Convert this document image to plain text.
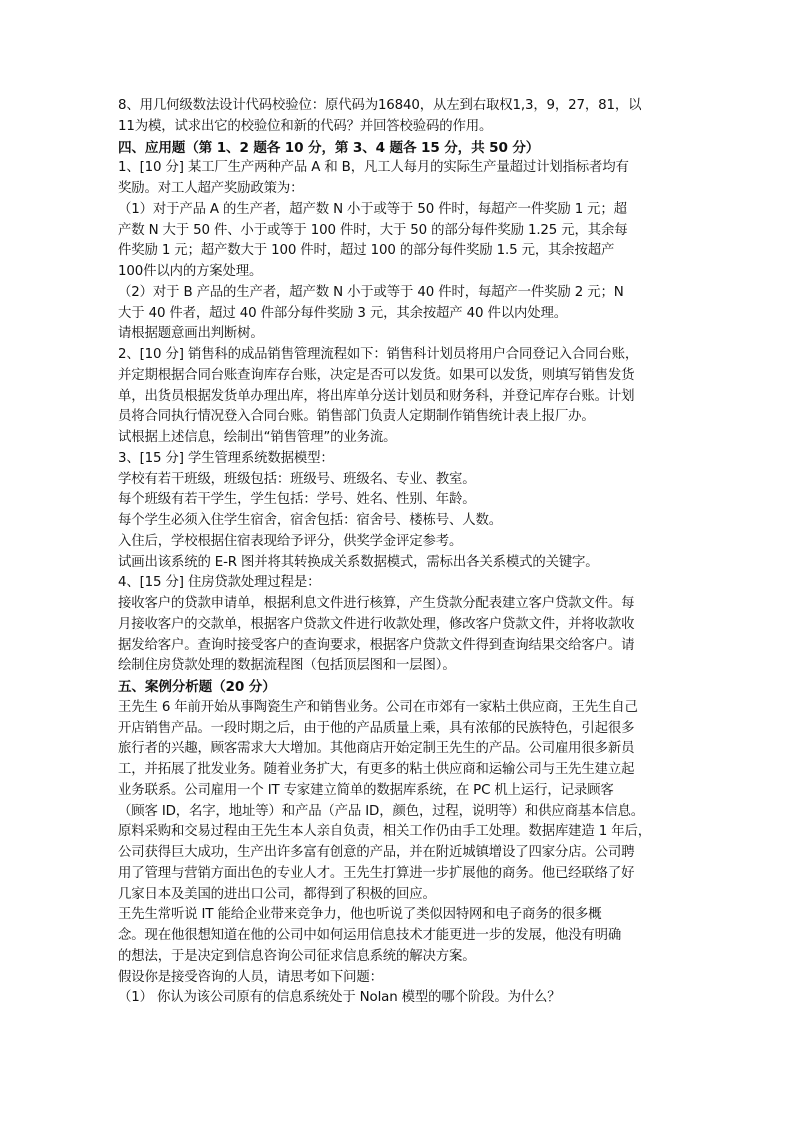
8、用几何级数法设计代码校验位：原代码为16840，从左到右取权1,3，9，27，81，以
11为模，试求出它的校验位和新的代码？并回答校验码的作用。
四、应用题（第 1、2 题各 10 分，第 3、4 题各 15 分，共 50 分）
1、[10 分] 某工厂生产两种产品 A 和 B，凡工人每月的实际生产量超过计划指标者均有
奖励。对工人超产奖励政策为：
（1）对于产品 A 的生产者，超产数 N 小于或等于 50 件时，每超产一件奖励 1 元；超
产数 N 大于 50 件、小于或等于 100 件时，大于 50 的部分每件奖励 1.25 元，其余每
件奖励 1 元；超产数大于 100 件时，超过 100 的部分每件奖励 1.5 元，其余按超产
100件以内的方案处理。
（2）对于 B 产品的生产者，超产数 N 小于或等于 40 件时，每超产一件奖励 2 元；N
大于 40 件者，超过 40 件部分每件奖励 3 元，其余按超产 40 件以内处理。
请根据题意画出判断树。
2、[10 分] 销售科的成品销售管理流程如下：销售科计划员将用户合同登记入合同台账，
并定期根据合同台账查询库存台账，决定是否可以发货。如果可以发货，则填写销售发货
单，出货员根据发货单办理出库，将出库单分送计划员和财务科，并登记库存台账。计划
员将合同执行情况登入合同台账。销售部门负责人定期制作销售统计表上报厂办。
试根据上述信息，绘制出“销售管理”的业务流。
3、[15 分] 学生管理系统数据模型：
学校有若干班级，班级包括：班级号、班级名、专业、教室。
每个班级有若干学生，学生包括：学号、姓名、性别、年龄。
每个学生必须入住学生宿舍，宿舍包括：宿舍号、楼栋号、人数。
入住后，学校根据住宿表现给予评分，供奖学金评定参考。
试画出该系统的 E-R 图并将其转换成关系数据模式，需标出各关系模式的关键字。
4、[15 分] 住房贷款处理过程是：
接收客户的贷款申请单，根据利息文件进行核算，产生贷款分配表建立客户贷款文件。每
月接收客户的交款单，根据客户贷款文件进行收款处理，修改客户贷款文件，并将收款收
据发给客户。查询时接受客户的查询要求，根据客户贷款文件得到查询结果交给客户。请
绘制住房贷款处理的数据流程图（包括顶层图和一层图）。
五、案例分析题（20 分）
王先生 6 年前开始从事陶瓷生产和销售业务。公司在市郊有一家粘土供应商，王先生自己
开店销售产品。一段时期之后，由于他的产品质量上乘，具有浓郁的民族特色，引起很多
旅行者的兴趣，顾客需求大大增加。其他商店开始定制王先生的产品。公司雇用很多新员
工，并拓展了批发业务。随着业务扩大，有更多的粘土供应商和运输公司与王先生建立起
业务联系。公司雇用一个 IT 专家建立简单的数据库系统，在 PC 机上运行，记录顾客
（顾客 ID，名字，地址等）和产品（产品 ID，颜色，过程，说明等）和供应商基本信息。
原料采购和交易过程由王先生本人亲自负责，相关工作仍由手工处理。数据库建造 1 年后，
公司获得巨大成功，生产出许多富有创意的产品，并在附近城镇增设了四家分店。公司聘
用了管理与营销方面出色的专业人才。王先生打算进一步扩展他的商务。他已经联络了好
几家日本及美国的进出口公司，都得到了积极的回应。
王先生常听说 IT 能给企业带来竞争力，他也听说了类似因特网和电子商务的很多概
念。现在他很想知道在他的公司中如何运用信息技术才能更进一步的发展，他没有明确
的想法，于是决定到信息咨询公司征求信息系统的解决方案。
假设你是接受咨询的人员，请思考如下问题：
（1） 你认为该公司原有的信息系统处于 Nolan 模型的哪个阶段。为什么？
